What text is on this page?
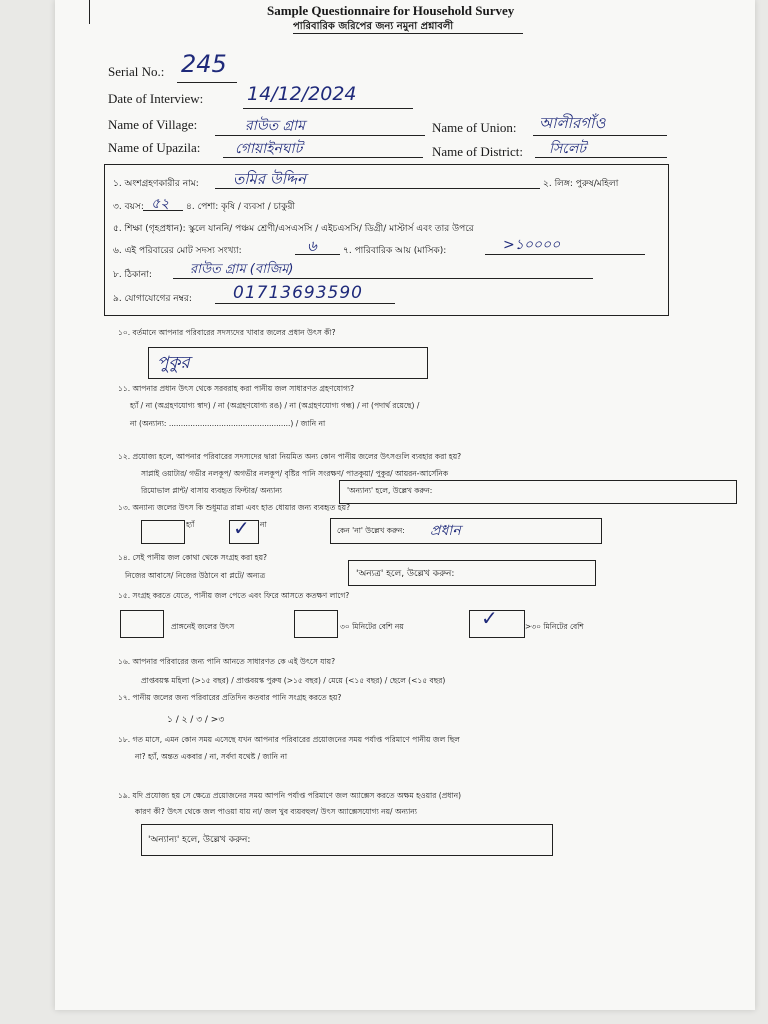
Sample Questionnaire for Household Survey
পারিবারিক জরিপের জন্য নমুনা প্রশ্নাবলী
Serial No.: 245
Date of Interview: 14/12/2024
Name of Village:	রাউত গ্রাম	Name of Union: আলীরগাঁও
Name of Upazila: গোয়াইনঘাট	Name of District: সিলেট
১. অংশগ্রহণকারীর নাম: তমির উদ্দিন	২. লিঙ্গ: পুরুষ/মহিলা
৩. বয়স: ৫২ ৪. পেশা: কৃষি / ব্যবসা / চাকুরী
৫. শিক্ষা (গৃহপ্রধান): স্কুলে যাননি/ পঞ্চম শ্রেণী/এসএসসি / এইচএসসি/ ডিগ্রী/ মাস্টার্স এবং তার উপরে
৬. এই পরিবারের মোট সদস্য সংখ্যা:	৬	৭. পারিবারিক আয় (মাসিক):	>১০০০০
৮. ঠিকানা:	রাউত গ্রাম (বাজিম)
৯. যোগাযোগের নম্বর: 01713693590
১০. বর্তমানে আপনার পরিবারের সদস্যদের খাবার জলের প্রধান উৎস কী?
পুকুর
১১. আপনার প্রধান উৎস থেকে সরবরাহ করা পানীয় জল সাধারণত গ্রহণযোগ্য?
হ্যাঁ / না (অগ্রহণযোগ্য স্বাদ) / না (অগ্রহণযোগ্য রঙ) / না (অগ্রহণযোগ্য গন্ধ) / না (পদার্থ রয়েছে) /
না (অন্যান্য: ...................................................) / জানি না
১২. প্রযোজ্য হলে, আপনার পরিবারের সদস্যদের দ্বারা নিয়মিত অন্য কোন পানীয় জলের উৎসগুলি ব্যবহার করা হয়?
সাপ্লাই ওয়াটার/ গভীর নলকূপ/ অগভীর নলকূপ/ বৃষ্টির পানি সংরক্ষণ/ পাতকুয়া/ পুকুর/ আয়রন-আর্সেনিক
রিমোভাল প্লান্ট/ বাসায় ব্যবহৃত ফিল্টার/ অন্যান্য	'অন্যান্য' হলে, উল্লেখ করুন:
১৩. অন্যান্য জলের উৎস কি শুধুমাত্র রান্না এবং হাত ধোয়ার জন্য ব্যবহৃত হয়?
হ্যাঁ ✓ না
কেন 'না' উল্লেখ করুন: প্রধান
১৪. সেই পানীয় জল কোথা থেকে সংগ্রহ করা হয়?
নিজের আবাসে/ নিজের উঠানে বা প্লটে/ অন্যত্র	'অন্যত্র' হলে, উল্লেখ করুন:
১৫. সংগ্রহ করতে যেতে, পানীয় জল পেতে এবং ফিরে আসতে কতক্ষণ লাগে?
প্রাঙ্গনেই জলের উৎস	৩০ মিনিটের বেশি নয়	✓	>৩০ মিনিটের বেশি
১৬. আপনার পরিবারের জন্য পানি আনতে সাধারণত কে এই উৎসে যায়?
প্রাপ্তবয়স্ক মহিলা (>১৫ বছর) / প্রাপ্তবয়স্ক পুরুষ (>১৫ বছর) / মেয়ে (<১৫ বছর) / ছেলে (<১৫ বছর)
১৭. পানীয় জলের জন্য পরিবারের প্রতিদিন কতবার পানি সংগ্রহ করতে হয়?
১ / ২ / ৩ / >৩
১৮. গত মাসে, এমন কোন সময় এসেছে যখন আপনার পরিবারের প্রয়োজনের সময় পর্যাপ্ত পরিমাণে পানীয় জল ছিল
না? হ্যাঁ, অন্তত একবার / না, সর্বদা যথেষ্ট / জানি না
১৯. যদি প্রযোজ্য হয় সে ক্ষেত্রে প্রয়োজনের সময় আপনি পর্যাপ্ত পরিমাণে জল অ্যাক্সেস করতে অক্ষম হওয়ার (প্রধান)
কারণ কী? উৎস থেকে জল পাওয়া যায় না/ জল খুব ব্যয়বহুল/ উৎস অ্যাক্সেসযোগ্য নয়/ অন্যান্য
'অন্যান্য' হলে, উল্লেখ করুন:
